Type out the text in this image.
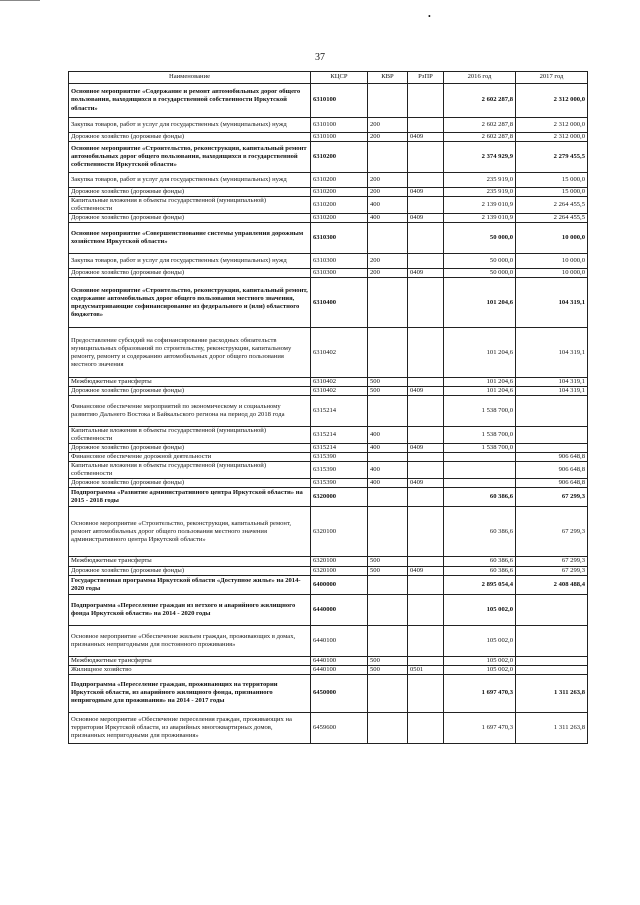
•
37
Наименование	КЦСР	КВР	РзПР	2016 год	2017 год
Основное мероприятие «Содержание и ремонт автомобильных дорог общего пользования, находящихся в государственной собственности Иркутской области»	6310100			2 602 287,8	2 312 000,0
Закупка товаров, работ и услуг для государственных (муниципальных) нужд	6310100	200		2 602 287,8	2 312 000,0
Дорожное хозяйство (дорожные фонды)	6310100	200	0409	2 602 287,8	2 312 000,0
Основное мероприятие «Строительство, реконструкция, капитальный ремонт автомобильных дорог общего пользования, находящихся в государственной собственности Иркутской области»	6310200			2 374 929,9	2 279 455,5
Закупка товаров, работ и услуг для государственных (муниципальных) нужд	6310200	200		235 919,0	15 000,0
Дорожное хозяйство (дорожные фонды)	6310200	200	0409	235 919,0	15 000,0
Капитальные вложения в объекты государственной (муниципальной) собственности	6310200	400		2 139 010,9	2 264 455,5
Дорожное хозяйство (дорожные фонды)	6310200	400	0409	2 139 010,9	2 264 455,5
Основное мероприятие «Совершенствование системы управления дорожным хозяйством Иркутской области»	6310300			50 000,0	10 000,0
Закупка товаров, работ и услуг для государственных (муниципальных) нужд	6310300	200		50 000,0	10 000,0
Дорожное хозяйство (дорожные фонды)	6310300	200	0409	50 000,0	10 000,0
Основное мероприятие «Строительство, реконструкция, капитальный ремонт, содержание автомобильных дорог общего пользования местного значения, предусматривающие софинансирование из федерального и (или) областного бюджетов»	6310400			101 204,6	104 319,1
Предоставление субсидий на софинансирование расходных обязательств муниципальных образований по строительству, реконструкции, капитальному ремонту, ремонту и содержанию автомобильных дорог общего пользования местного значения	6310402			101 204,6	104 319,1
Межбюджетные трансферты	6310402	500		101 204,6	104 319,1
Дорожное хозяйство (дорожные фонды)	6310402	500	0409	101 204,6	104 319,1
Финансовое обеспечение мероприятий по экономическому и социальному развитию Дальнего Востока и Байкальского региона на период до 2018 года	6315214			1 538 700,0	
Капитальные вложения в объекты государственной (муниципальной) собственности	6315214	400		1 538 700,0	
Дорожное хозяйство (дорожные фонды)	6315214	400	0409	1 538 700,0	
Финансовое обеспечение дорожной деятельности	6315390				906 648,8
Капитальные вложения в объекты государственной (муниципальной) собственности	6315390	400			906 648,8
Дорожное хозяйство (дорожные фонды)	6315390	400	0409		906 648,8
Подпрограмма «Развитие административного центра Иркутской области» на 2015 - 2018 годы	6320000			60 386,6	67 299,3
Основное мероприятие «Строительство, реконструкция, капитальный ремонт, ремонт автомобильных дорог общего пользования местного значения административного центра Иркутской области»	6320100			60 386,6	67 299,3
Межбюджетные трансферты	6320100	500		60 386,6	67 299,3
Дорожное хозяйство (дорожные фонды)	6320100	500	0409	60 386,6	67 299,3
Государственная программа Иркутской области «Доступное жилье» на 2014-2020 годы	6400000			2 895 054,4	2 408 488,4
Подпрограмма «Переселение граждан из ветхого и аварийного жилищного фонда Иркутской области» на 2014 - 2020 годы	6440000			105 002,0	
Основное мероприятие «Обеспечение жильем граждан, проживающих в домах, признанных непригодными для постоянного проживания»	6440100			105 002,0	
Межбюджетные трансферты	6440100	500		105 002,0	
Жилищное хозяйство	6440100	500	0501	105 002,0	
Подпрограмма «Переселение граждан, проживающих на территории Иркутской области, из аварийного жилищного фонда, признанного непригодным для проживания» на 2014 - 2017 годы	6450000			1 697 470,3	1 311 263,8
Основное мероприятие «Обеспечение переселения граждан, проживающих на территории Иркутской области, из аварийных многоквартирных домов, признанных непригодными для проживания»	6459600			1 697 470,3	1 311 263,8
